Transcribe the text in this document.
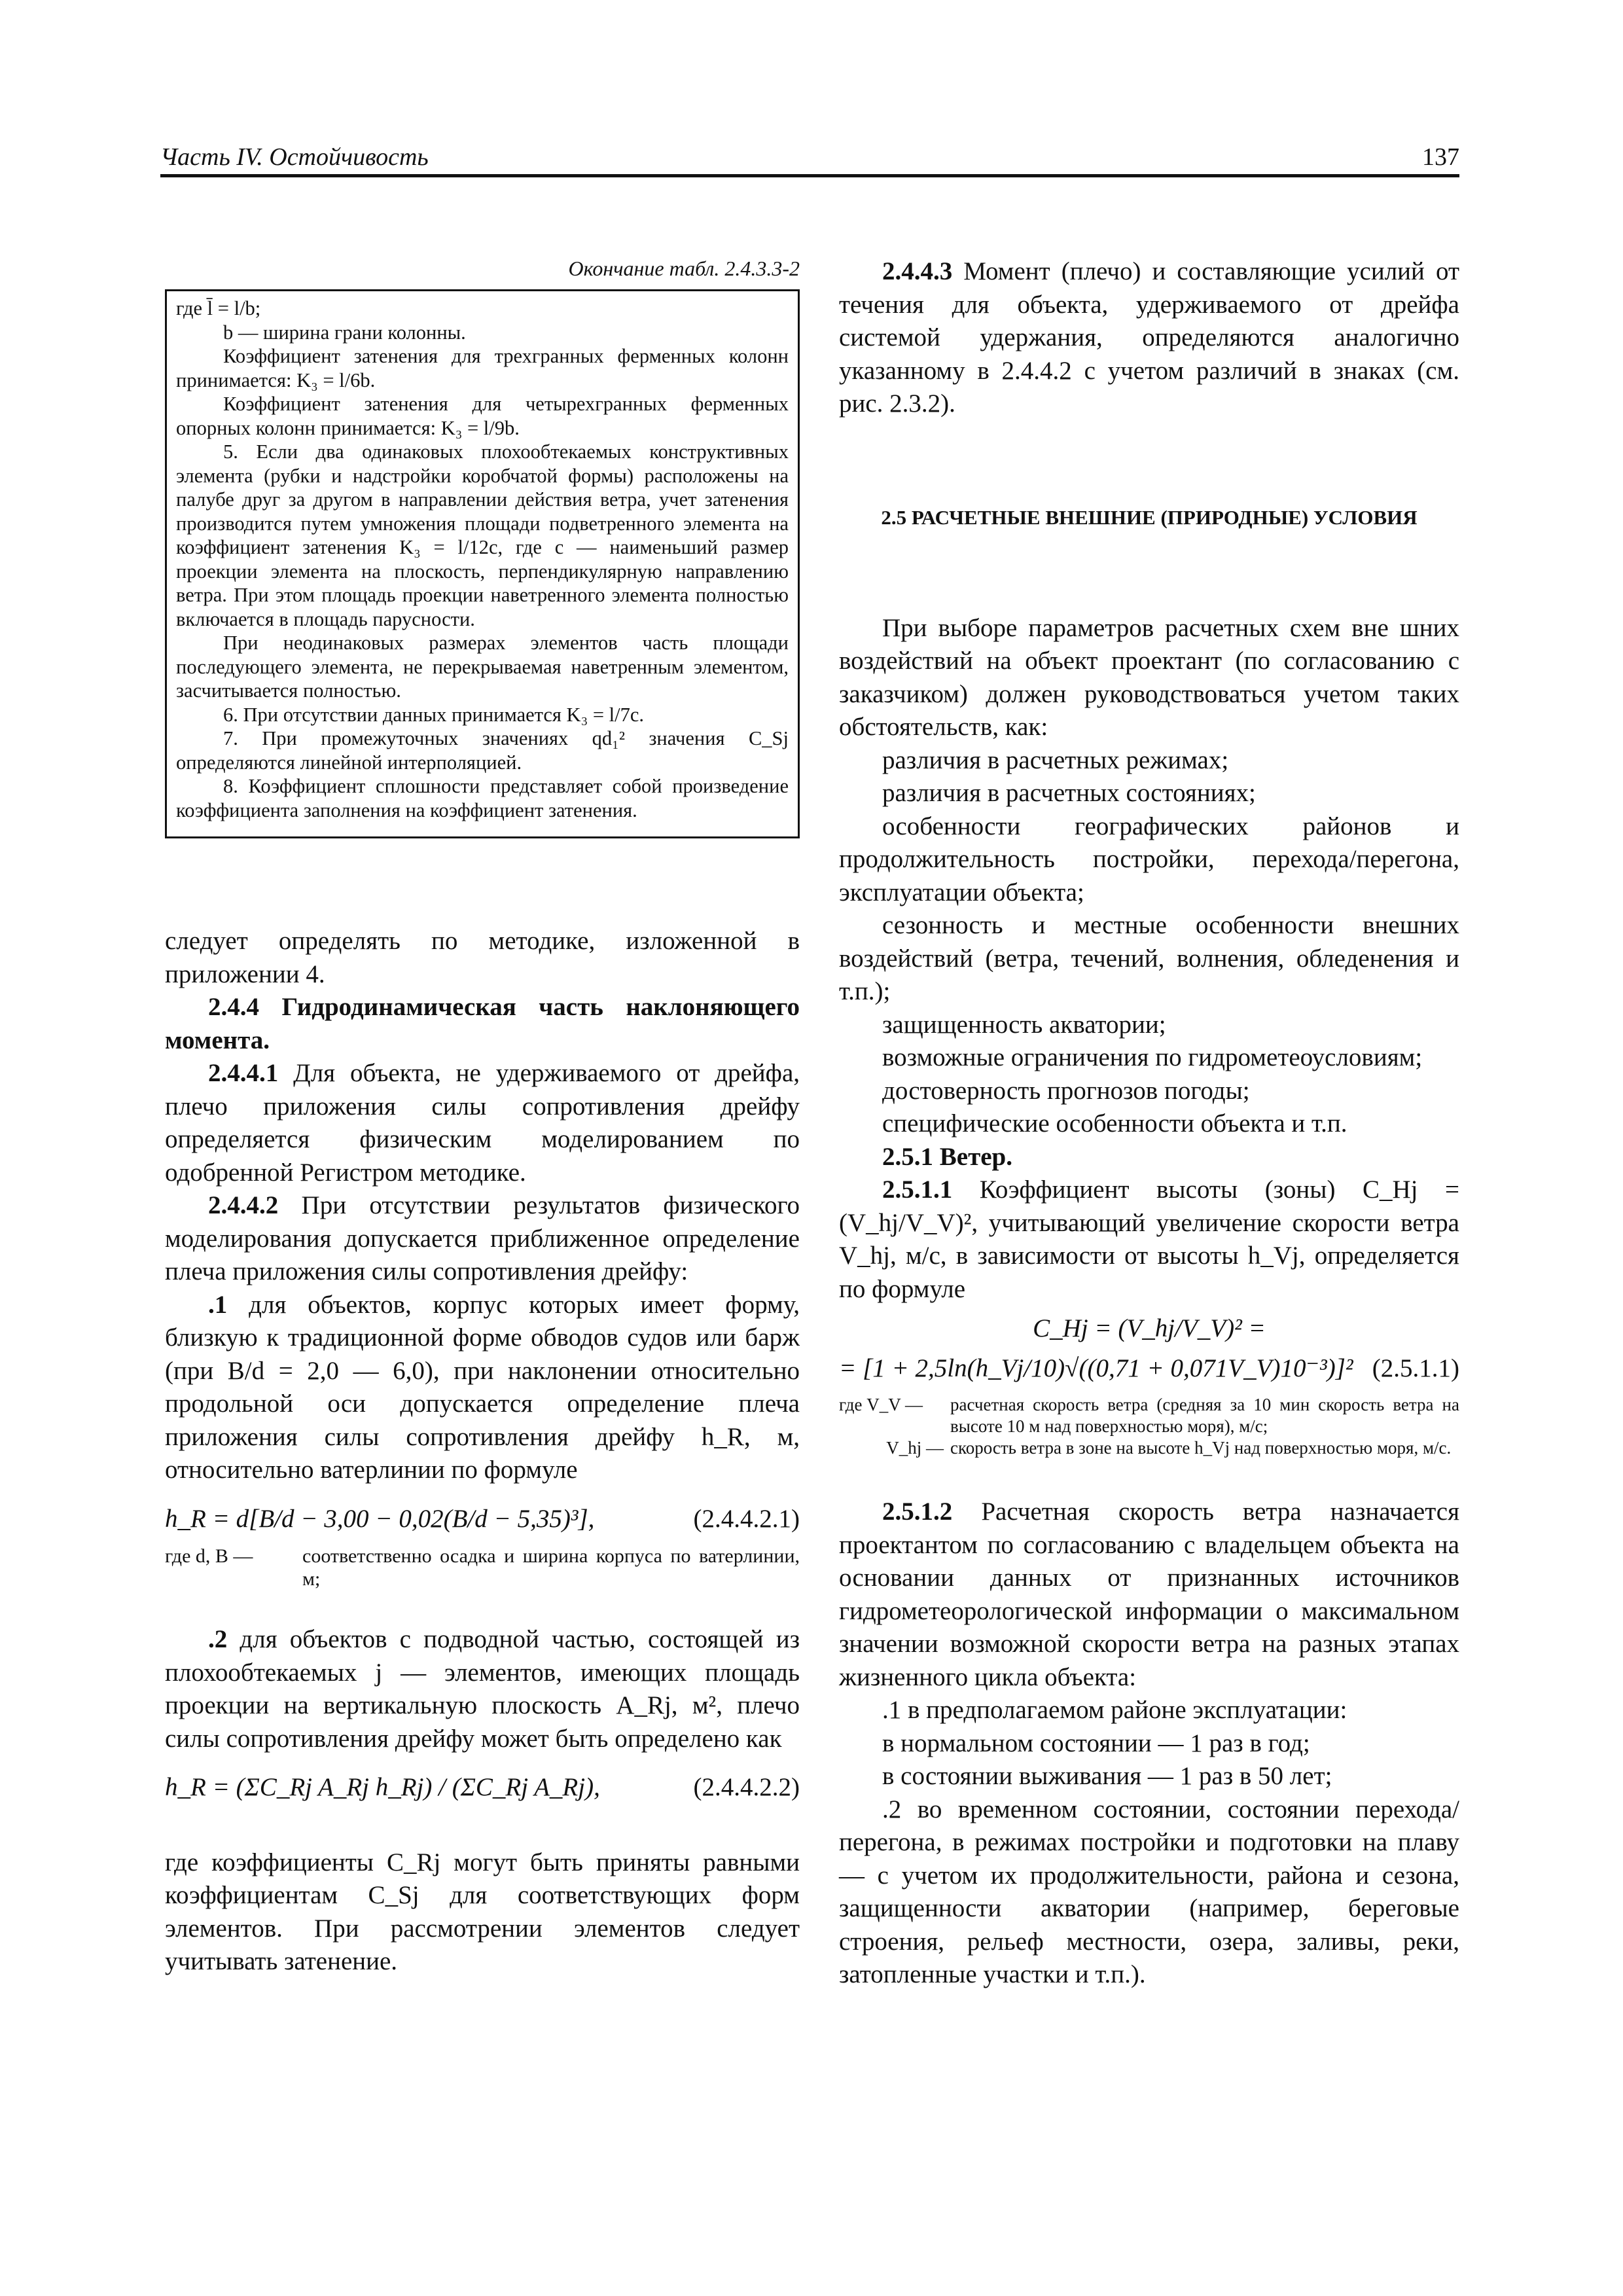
Часть IV. Остойчивость	137

Окончание табл. 2.4.3.3-2

где l̄ = l/b;

b — ширина грани колонны.

Коэффициент затенения для трехгранных ферменных колонн принимается: K₃ = l/6b.

Коэффициент затенения для четырехгранных ферменных опорных колонн принимается: K₃ = l/9b.

5. Если два одинаковых плохообтекаемых конструктивных элемента (рубки и надстройки коробчатой формы) расположены на палубе друг за другом в направлении действия ветра, учет затенения производится путем умножения площади подветренного элемента на коэффициент затенения K₃ = l/12c, где c — наименьший размер проекции элемента на плоскость, перпендикулярную направлению ветра. При этом площадь проекции наветренного элемента полностью включается в площадь парусности.

При неодинаковых размерах элементов часть площади последующего элемента, не перекрываемая наветренным элементом, засчитывается полностью.

6. При отсутствии данных принимается K₃ = l/7c.

7. При промежуточных значениях qd₁² значения C_Sj определяются линейной интерполяцией.

8. Коэффициент сплошности представляет собой произведение коэффициента заполнения на коэффициент затенения.

следует определять по методике, изложенной в приложении 4.

2.4.4 Гидродинамическая часть наклоняющего момента.

2.4.4.1 Для объекта, не удерживаемого от дрейфа, плечо приложения силы сопротивления дрейфу определяется физическим моделированием по одобренной Регистром методике.

2.4.4.2 При отсутствии результатов физического моделирования допускается приближенное определение плеча приложения силы сопротивления дрейфу:

.1 для объектов, корпус которых имеет форму, близкую к традиционной форме обводов судов или барж (при B/d = 2,0 — 6,0), при наклонении относительно продольной оси допускается определение плеча приложения силы сопротивления дрейфу h_R, м, относительно ватерлинии по формуле

h_R = d[B/d − 3,00 − 0,02(B/d − 5,35)³],	(2.4.4.2.1)
где d, B —	соответственно осадка и ширина корпуса по ватерлинии, м;

.2 для объектов с подводной частью, состоящей из плохообтекаемых j — элементов, имеющих площадь проекции на вертикальную плоскость A_Rj, м², плечо силы сопротивления дрейфу может быть определено как

h_R = (ΣC_Rj A_Rj h_Rj) / (ΣC_Rj A_Rj),	(2.4.4.2.2)

где коэффициенты C_Rj могут быть приняты равными коэффициентам C_Sj для соответствующих форм элементов. При рассмотрении элементов следует учитывать затенение.

2.4.4.3 Момент (плечо) и составляющие усилий от течения для объекта, удерживаемого от дрейфа системой удержания, определяются аналогично указанному в 2.4.4.2 с учетом различий в знаках (см. рис. 2.3.2).

2.5 РАСЧЕТНЫЕ ВНЕШНИЕ (ПРИРОДНЫЕ) УСЛОВИЯ

При выборе параметров расчетных схем вне шних воздействий на объект проектант (по согласованию с заказчиком) должен руководствоваться учетом таких обстоятельств, как:

различия в расчетных режимах;

различия в расчетных состояниях;

особенности географических районов и продолжительность постройки, перехода/перегона, эксплуатации объекта;

сезонность и местные особенности внешних воздействий (ветра, течений, волнения, обледенения и т.п.);

защищенность акватории;

возможные ограничения по гидрометеоусловиям;

достоверность прогнозов погоды;

специфические особенности объекта и т.п.

2.5.1 Ветер.

2.5.1.1 Коэффициент высоты (зоны) C_Hj = (V_hj/V_V)², учитывающий увеличение скорости ветра V_hj, м/с, в зависимости от высоты h_Vj, определяется по формуле

C_Hj = (V_hj/V_V)² =
= [1 + 2,5ln(h_Vj/10)√((0,71 + 0,071V_V)10⁻³)]² (2.5.1.1)
где V_V —	расчетная скорость ветра (средняя за 10 мин скорость ветра на высоте 10 м над поверхностью моря), м/с;
V_hj — скорость ветра в зоне на высоте h_Vj над поверхностью моря, м/с.

2.5.1.2 Расчетная скорость ветра назначается проектантом по согласованию с владельцем объекта на основании данных от признанных источников гидрометеорологической информации о максимальном значении возможной скорости ветра на разных этапах жизненного цикла объекта:

.1 в предполагаемом районе эксплуатации:

в нормальном состоянии — 1 раз в год;

в состоянии выживания — 1 раз в 50 лет;

.2 во временном состоянии, состоянии перехода/перегона, в режимах постройки и подготовки на плаву — с учетом их продолжительности, района и сезона, защищенности акватории (например, береговые строения, рельеф местности, озера, заливы, реки, затопленные участки и т.п.).
